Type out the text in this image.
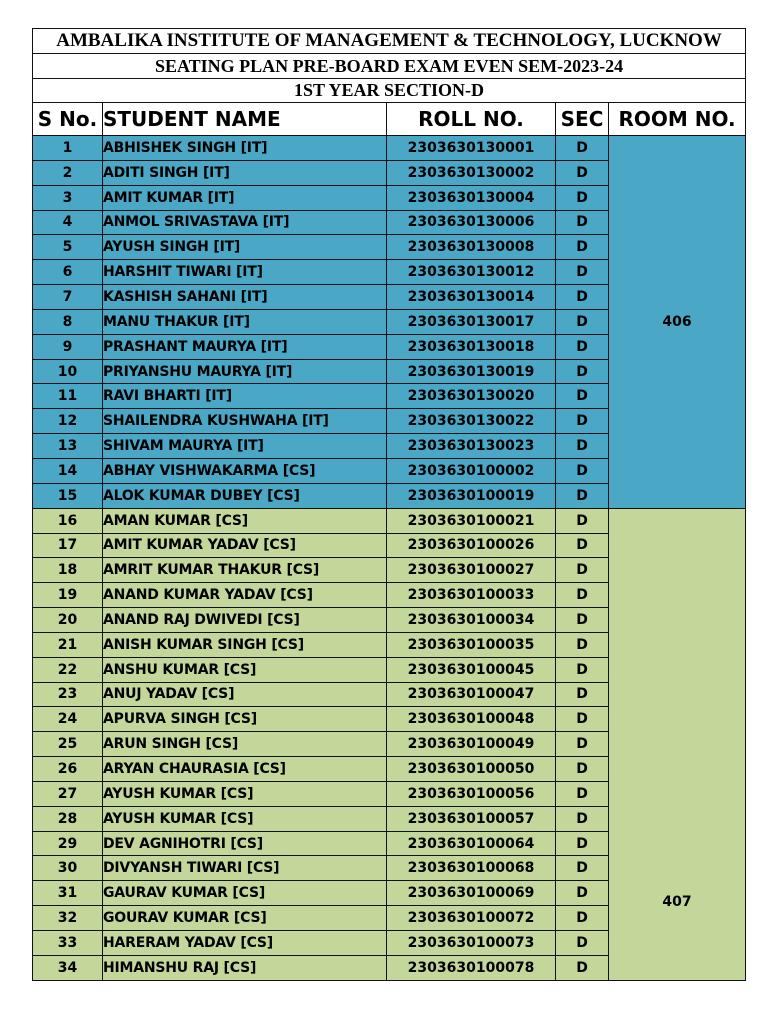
AMBALIKA INSTITUTE OF MANAGEMENT & TECHNOLOGY, LUCKNOW				
SEATING PLAN PRE-BOARD EXAM EVEN SEM-2023-24				
1ST YEAR SECTION-D				
S No.	STUDENT NAME	ROLL NO.	SEC	ROOM NO.
1	ABHISHEK SINGH [IT]	2303630130001	D	406
2	ADITI SINGH [IT]	2303630130002	D	
3	AMIT KUMAR [IT]	2303630130004	D	
4	ANMOL SRIVASTAVA [IT]	2303630130006	D	
5	AYUSH SINGH [IT]	2303630130008	D	
6	HARSHIT TIWARI [IT]	2303630130012	D	
7	KASHISH SAHANI [IT]	2303630130014	D	
8	MANU THAKUR [IT]	2303630130017	D	
9	PRASHANT MAURYA [IT]	2303630130018	D	
10	PRIYANSHU MAURYA [IT]	2303630130019	D	
11	RAVI BHARTI [IT]	2303630130020	D	
12	SHAILENDRA KUSHWAHA [IT]	2303630130022	D	
13	SHIVAM MAURYA [IT]	2303630130023	D	
14	ABHAY VISHWAKARMA [CS]	2303630100002	D	
15	ALOK KUMAR DUBEY [CS]	2303630100019	D	
16	AMAN KUMAR [CS]	2303630100021	D	407
17	AMIT KUMAR YADAV [CS]	2303630100026	D	
18	AMRIT KUMAR THAKUR [CS]	2303630100027	D	
19	ANAND KUMAR YADAV [CS]	2303630100033	D	
20	ANAND RAJ DWIVEDI [CS]	2303630100034	D	
21	ANISH KUMAR SINGH [CS]	2303630100035	D	
22	ANSHU KUMAR [CS]	2303630100045	D	
23	ANUJ YADAV [CS]	2303630100047	D	
24	APURVA SINGH [CS]	2303630100048	D	
25	ARUN SINGH [CS]	2303630100049	D	
26	ARYAN CHAURASIA [CS]	2303630100050	D	
27	AYUSH KUMAR [CS]	2303630100056	D	
28	AYUSH KUMAR [CS]	2303630100057	D	
29	DEV AGNIHOTRI [CS]	2303630100064	D	
30	DIVYANSH TIWARI [CS]	2303630100068	D	
31	GAURAV KUMAR [CS]	2303630100069	D	
32	GOURAV KUMAR [CS]	2303630100072	D	
33	HARERAM YADAV [CS]	2303630100073	D	
34	HIMANSHU RAJ [CS]	2303630100078	D	
